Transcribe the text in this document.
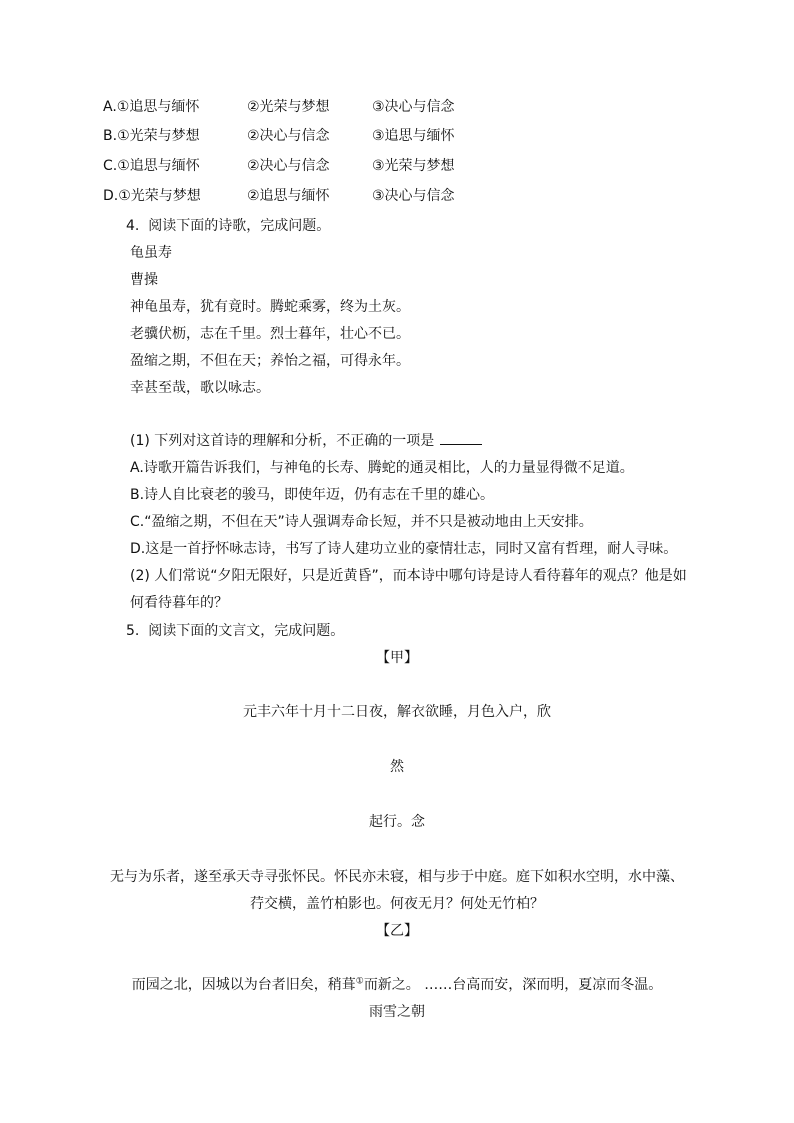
A.①追思与缅怀	②光荣与梦想	③决心与信念
B.①光荣与梦想	②决心与信念	③追思与缅怀
C.①追思与缅怀	②决心与信念	③光荣与梦想
D.①光荣与梦想	②追思与缅怀	③决心与信念
4. 阅读下面的诗歌，完成问题。
龟虽寿
曹操
神龟虽寿，犹有竟时。腾蛇乘雾，终为土灰。
老骥伏枥，志在千里。烈士暮年，壮心不已。
盈缩之期，不但在天；养怡之福，可得永年。
幸甚至哉，歌以咏志。
(1) 下列对这首诗的理解和分析，不正确的一项是
A.诗歌开篇告诉我们，与神龟的长寿、腾蛇的通灵相比，人的力量显得微不足道。
B.诗人自比衰老的骏马，即使年迈，仍有志在千里的雄心。
C.“盈缩之期，不但在天”诗人强调寿命长短，并不只是被动地由上天安排。
D.这是一首抒怀咏志诗，书写了诗人建功立业的豪情壮志，同时又富有哲理，耐人寻味。
(2) 人们常说“夕阳无限好，只是近黄昏”，而本诗中哪句诗是诗人看待暮年的观点？他是如
何看待暮年的？
5. 阅读下面的文言文，完成问题。
【甲】
元丰六年十月十二日夜，解衣欲睡，月色入户，欣
然
起行。念
无与为乐者，遂至承天寺寻张怀民。怀民亦未寝，相与步于中庭。庭下如积水空明，水中藻、
荇交横，盖竹柏影也。何夜无月？何处无竹柏？
【乙】
而园之北，因城以为台者旧矣，稍葺①而新之。 ……台高而安，深而明，夏凉而冬温。
雨雪之朝
